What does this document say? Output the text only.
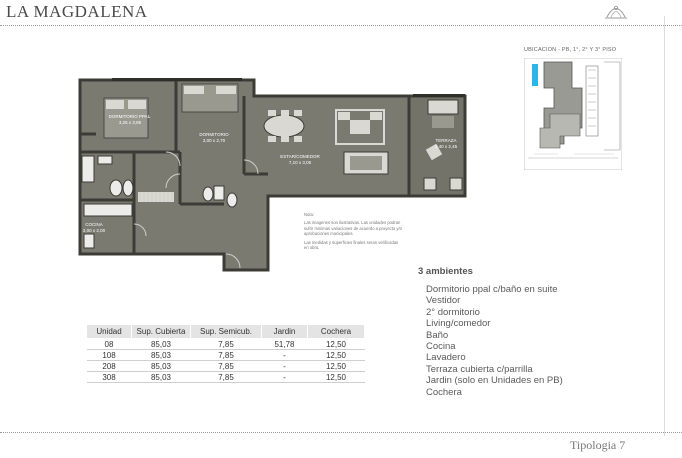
LA MAGDALENA
DORMITORIO PPAL.
3,25 x 3,85
DORMITORIO
3,00 x 2,70
ESTAR/COMEDOR
7,10 x 3,05
TERRAZA
3,40 x 2,45
COCINA
3,00 x 2,00
UBICACION - PB, 1°, 2° Y 3° PISO

Nota:

Las imagenes son ilustrativas. Las unidades podran sufrir minimas variaciones de acuerdo a proyecto y/o aprobaciones municipales.

Las medidas y superficies finales seran verificadas en obra.

3 ambientes
Dormitorio ppal c/baño en suite
Vestidor
2° dormitorio
Living/comedor
Baño
Cocina
Lavadero
Terraza cubierta c/parrilla
Jardin (solo en Unidades en PB)
Cochera
Unidad	Sup. Cubierta	Sup. Semicub.	Jardin	Cochera
08	85,03	7,85	51,78	12,50
108	85,03	7,85	-	12,50
208	85,03	7,85	-	12,50
308	85,03	7,85	-	12,50
Tipologia 7
